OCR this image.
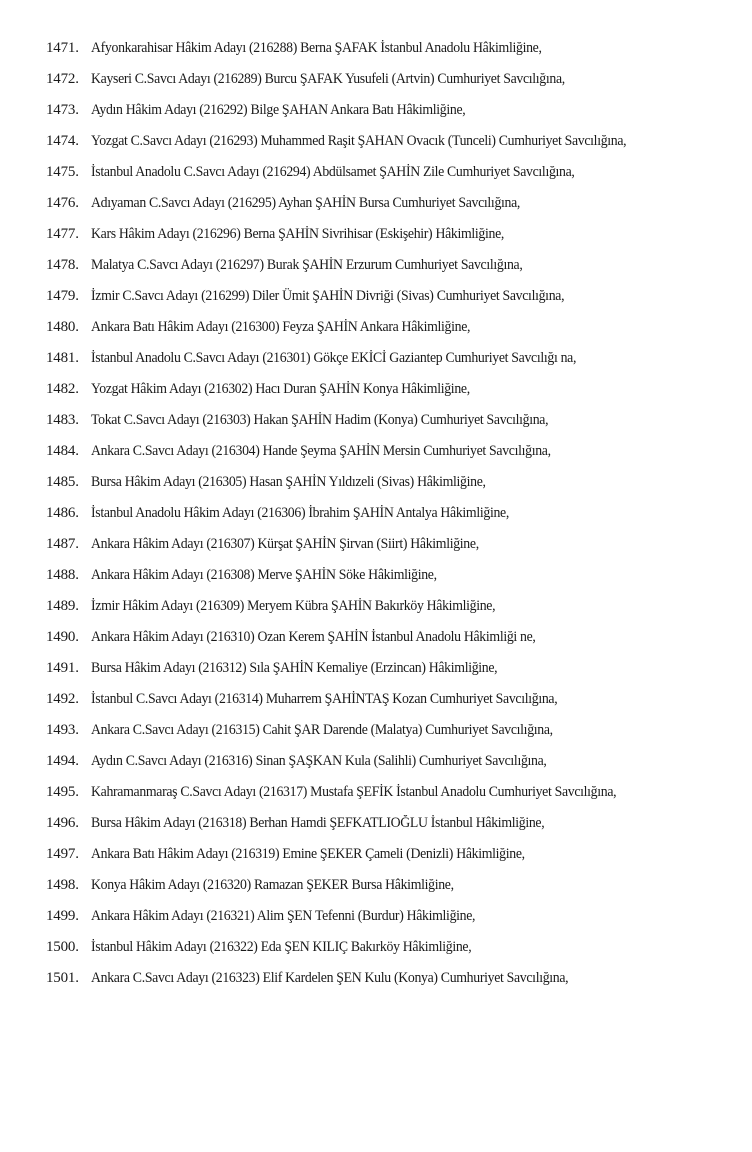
1471. Afyonkarahisar Hâkim Adayı (216288) Berna ŞAFAK İstanbul Anadolu Hâkimliğine,
1472. Kayseri C.Savcı Adayı (216289) Burcu ŞAFAK Yusufeli (Artvin) Cumhuriyet Savcılığına,
1473. Aydın Hâkim Adayı (216292) Bilge ŞAHAN Ankara Batı Hâkimliğine,
1474. Yozgat C.Savcı Adayı (216293) Muhammed Raşit ŞAHAN Ovacık (Tunceli) Cumhuriyet Savcılığına,
1475. İstanbul Anadolu C.Savcı Adayı (216294) Abdülsamet ŞAHİN Zile Cumhuriyet Savcılığına,
1476. Adıyaman C.Savcı Adayı (216295) Ayhan ŞAHİN Bursa Cumhuriyet Savcılığına,
1477. Kars Hâkim Adayı (216296) Berna ŞAHİN Sivrihisar (Eskişehir) Hâkimliğine,
1478. Malatya C.Savcı Adayı (216297) Burak ŞAHİN Erzurum Cumhuriyet Savcılığına,
1479. İzmir C.Savcı Adayı (216299) Diler Ümit ŞAHİN Divriği (Sivas) Cumhuriyet Savcılığına,
1480. Ankara Batı Hâkim Adayı (216300) Feyza ŞAHİN Ankara Hâkimliğine,
1481. İstanbul Anadolu C.Savcı Adayı (216301) Gökçe EKİCİ Gaziantep Cumhuriyet Savcılığı na,
1482. Yozgat Hâkim Adayı (216302) Hacı Duran ŞAHİN Konya Hâkimliğine,
1483. Tokat C.Savcı Adayı (216303) Hakan ŞAHİN Hadim (Konya) Cumhuriyet Savcılığına,
1484. Ankara C.Savcı Adayı (216304) Hande Şeyma ŞAHİN Mersin Cumhuriyet Savcılığına,
1485. Bursa Hâkim Adayı (216305) Hasan ŞAHİN Yıldızeli (Sivas) Hâkimliğine,
1486. İstanbul Anadolu Hâkim Adayı (216306) İbrahim ŞAHİN Antalya Hâkimliğine,
1487. Ankara Hâkim Adayı (216307) Kürşat ŞAHİN Şirvan (Siirt) Hâkimliğine,
1488. Ankara Hâkim Adayı (216308) Merve ŞAHİN Söke Hâkimliğine,
1489. İzmir Hâkim Adayı (216309) Meryem Kübra ŞAHİN Bakırköy Hâkimliğine,
1490. Ankara Hâkim Adayı (216310) Ozan Kerem ŞAHİN İstanbul Anadolu Hâkimliği ne,
1491. Bursa Hâkim Adayı (216312) Sıla ŞAHİN Kemaliye (Erzincan) Hâkimliğine,
1492. İstanbul C.Savcı Adayı (216314) Muharrem ŞAHİNTAŞ Kozan Cumhuriyet Savcılığına,
1493. Ankara C.Savcı Adayı (216315) Cahit ŞAR Darende (Malatya) Cumhuriyet Savcılığına,
1494. Aydın C.Savcı Adayı (216316) Sinan ŞAŞKAN Kula (Salihli) Cumhuriyet Savcılığına,
1495. Kahramanmaraş C.Savcı Adayı (216317) Mustafa ŞEFİK İstanbul Anadolu Cumhuriyet Savcılığına,
1496. Bursa Hâkim Adayı (216318) Berhan Hamdi ŞEFKATLIOĞLU İstanbul Hâkimliğine,
1497. Ankara Batı Hâkim Adayı (216319) Emine ŞEKER Çameli (Denizli) Hâkimliğine,
1498. Konya Hâkim Adayı (216320) Ramazan ŞEKER Bursa Hâkimliğine,
1499. Ankara Hâkim Adayı (216321) Alim ŞEN Tefenni (Burdur) Hâkimliğine,
1500. İstanbul Hâkim Adayı (216322) Eda ŞEN KILIÇ Bakırköy Hâkimliğine,
1501. Ankara C.Savcı Adayı (216323) Elif Kardelen ŞEN Kulu (Konya) Cumhuriyet Savcılığına,
